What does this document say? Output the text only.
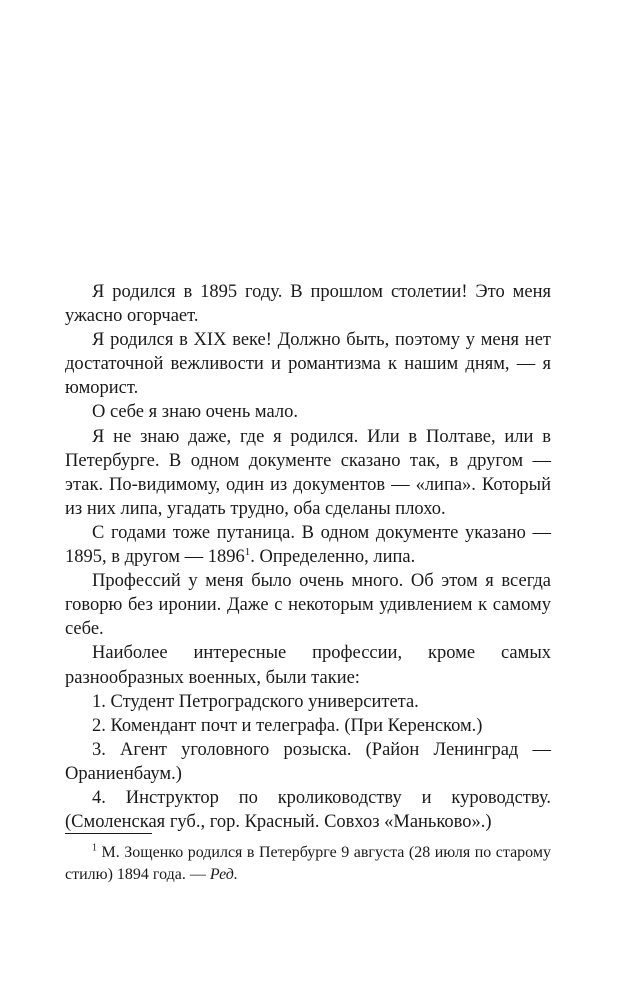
Я родился в 1895 году. В прошлом столетии! Это меня ужасно огорчает.

Я родился в XIX веке! Должно быть, поэтому у меня нет достаточной вежливости и романтизма к нашим дням, — я юморист.

О себе я знаю очень мало.

Я не знаю даже, где я родился. Или в Полтаве, или в Петербурге. В одном документе сказано так, в другом — этак. По-видимому, один из документов — «липа». Который из них липа, угадать трудно, оба сделаны плохо.

С годами тоже путаница. В одном документе указано — 1895, в другом — 1896$^1$. Определенно, липа.

Профессий у меня было очень много. Об этом я всегда говорю без иронии. Даже с некоторым удивлением к самому себе.

Наиболее интересные профессии, кроме самых разнообразных военных, были такие:

1. Студент Петроградского университета.

2. Комендант почт и телеграфа. (При Керенском.)

3. Агент уголовного розыска. (Район Ленинград — Ораниенбаум.)

4. Инструктор по кролиководству и куроводству. (Смоленская губ., гор. Красный. Совхоз «Маньково».)

$^1$ М. Зощенко родился в Петербурге 9 августа (28 июля по старому стилю) 1894 года. — Ред.
